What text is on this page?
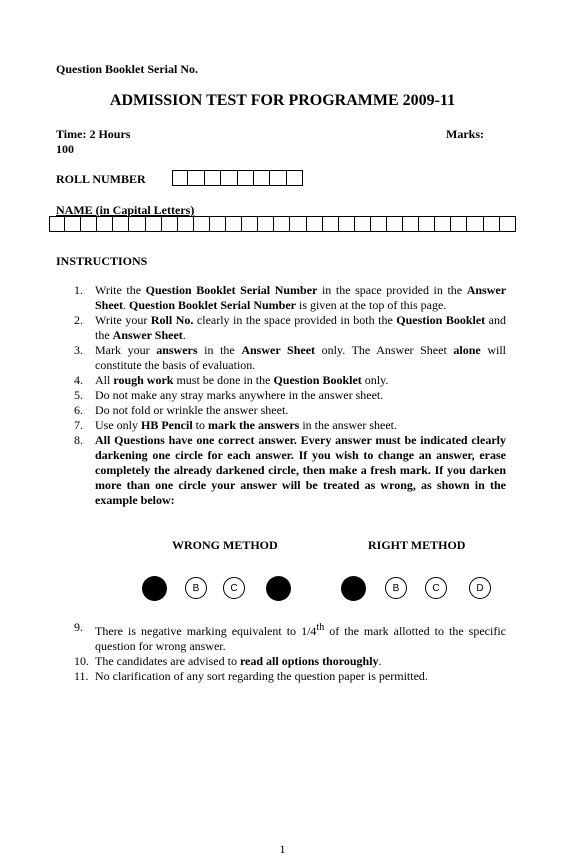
Question Booklet Serial No.
ADMISSION TEST FOR PROGRAMME 2009-11
Time: 2 Hours	Marks:
100
ROLL NUMBER
NAME (in Capital Letters)
INSTRUCTIONS
1.	Write the Question Booklet Serial Number in the space provided in the Answer Sheet. Question Booklet Serial Number is given at the top of this page.
2.	Write your Roll No. clearly in the space provided in both the Question Booklet and the Answer Sheet.
3.	Mark your answers in the Answer Sheet only. The Answer Sheet alone will constitute the basis of evaluation.
4.	All rough work must be done in the Question Booklet only.
5.	Do not make any stray marks anywhere in the answer sheet.
6.	Do not fold or wrinkle the answer sheet.
7.	Use only HB Pencil to mark the answers in the answer sheet.
8.	All Questions have one correct answer. Every answer must be indicated clearly darkening one circle for each answer. If you wish to change an answer, erase completely the already darkened circle, then make a fresh mark. If you darken more than one circle your answer will be treated as wrong, as shown in the example below:
WRONG METHOD	RIGHT METHOD
B	C	B	C	D
9.	There is negative marking equivalent to 1/4th of the mark allotted to the specific question for wrong answer.
10. The candidates are advised to read all options thoroughly.
11. No clarification of any sort regarding the question paper is permitted.
1
